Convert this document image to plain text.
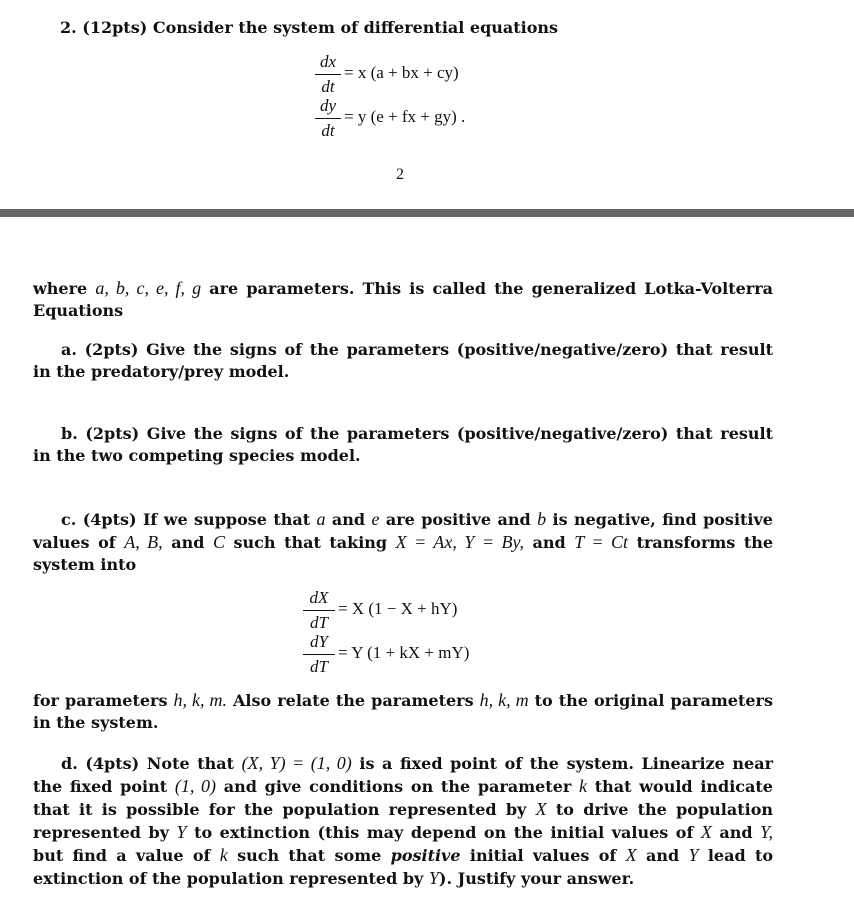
2. (12pts) Consider the system of differential equations
dx
dt
= x (a + bx + cy)
dy
dt
= y (e + fx + gy) .
2

where a, b, c, e, f, g are parameters. This is called the generalized Lotka-Volterra Equations

a. (2pts) Give the signs of the parameters (positive/negative/zero) that result in the predatory/prey model.

b. (2pts) Give the signs of the parameters (positive/negative/zero) that result in the two competing species model.

c. (4pts) If we suppose that a and e are positive and b is negative, find positive values of A, B, and C such that taking X = Ax, Y = By, and T = Ct transforms the system into

dX
dT
= X (1 − X + hY)
dY
dT
= Y (1 + kX + mY)

for parameters h, k, m. Also relate the parameters h, k, m to the original parameters in the system.

d. (4pts) Note that (X, Y) = (1, 0) is a fixed point of the system. Linearize near the fixed point (1, 0) and give conditions on the parameter k that would indicate that it is possible for the population represented by X to drive the population represented by Y to extinction (this may depend on the initial values of X and Y, but find a value of k such that some positive initial values of X and Y lead to extinction of the population represented by Y). Justify your answer.
